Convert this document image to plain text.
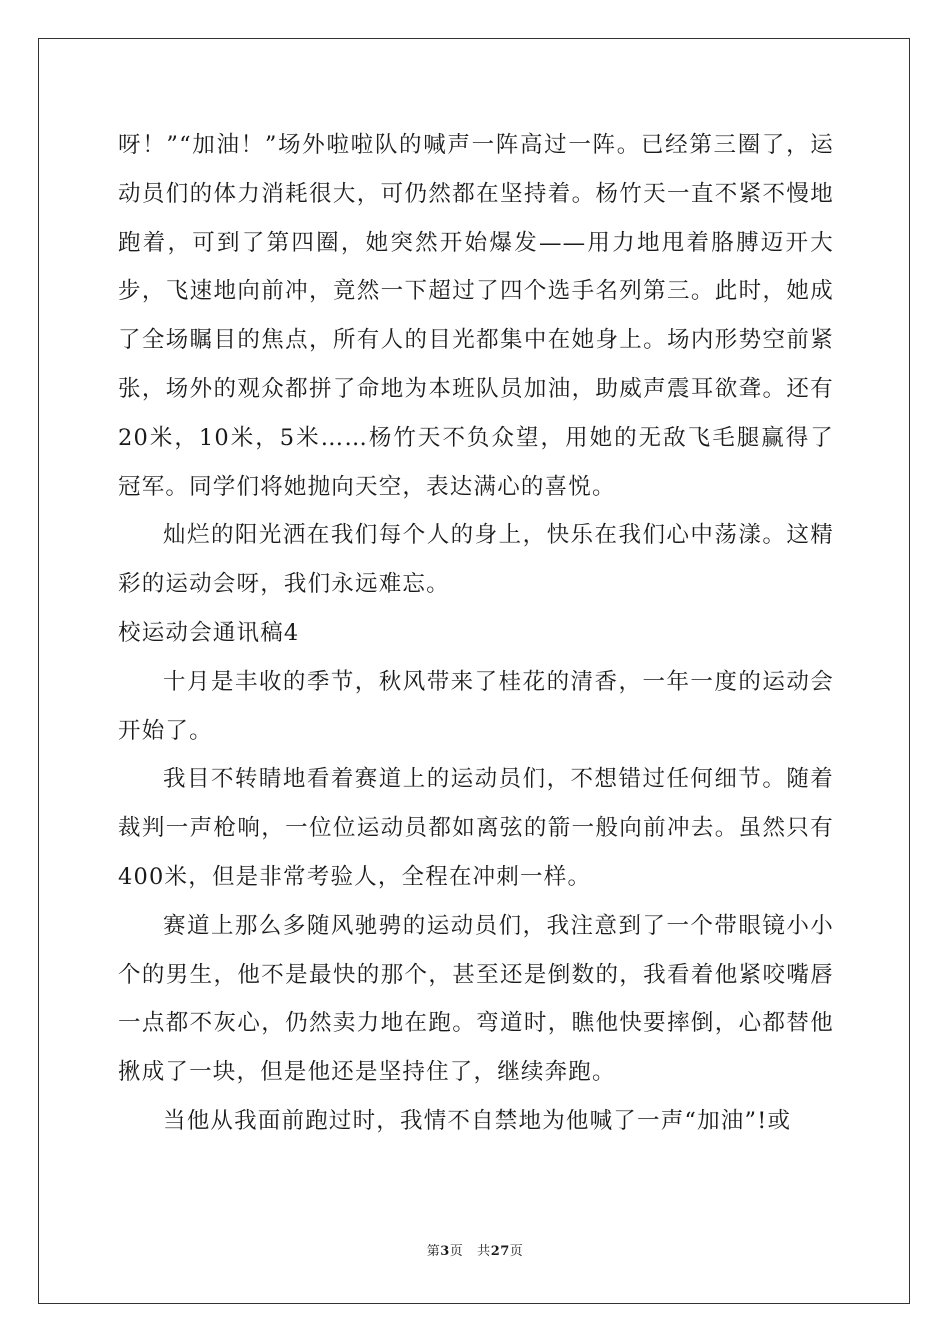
呀！”“加油！”场外啦啦队的喊声一阵高过一阵。已经第三圈了，运动员们的体力消耗很大，可仍然都在坚持着。杨竹天一直不紧不慢地跑着，可到了第四圈，她突然开始爆发——用力地甩着胳膊迈开大步，飞速地向前冲，竟然一下超过了四个选手名列第三。此时，她成了全场瞩目的焦点，所有人的目光都集中在她身上。场内形势空前紧张，场外的观众都拼了命地为本班队员加油，助威声震耳欲聋。还有20米，10米，5米……杨竹天不负众望，用她的无敌飞毛腿赢得了冠军。同学们将她抛向天空，表达满心的喜悦。

灿烂的阳光洒在我们每个人的身上，快乐在我们心中荡漾。这精彩的运动会呀，我们永远难忘。

校运动会通讯稿4

十月是丰收的季节，秋风带来了桂花的清香，一年一度的运动会开始了。

我目不转睛地看着赛道上的运动员们，不想错过任何细节。随着裁判一声枪响，一位位运动员都如离弦的箭一般向前冲去。虽然只有400米，但是非常考验人，全程在冲刺一样。

赛道上那么多随风驰骋的运动员们，我注意到了一个带眼镜小小个的男生，他不是最快的那个，甚至还是倒数的，我看着他紧咬嘴唇一点都不灰心，仍然卖力地在跑。弯道时，瞧他快要摔倒，心都替他揪成了一块，但是他还是坚持住了，继续奔跑。

当他从我面前跑过时，我情不自禁地为他喊了一声“加油”!或

第3页 共27页
